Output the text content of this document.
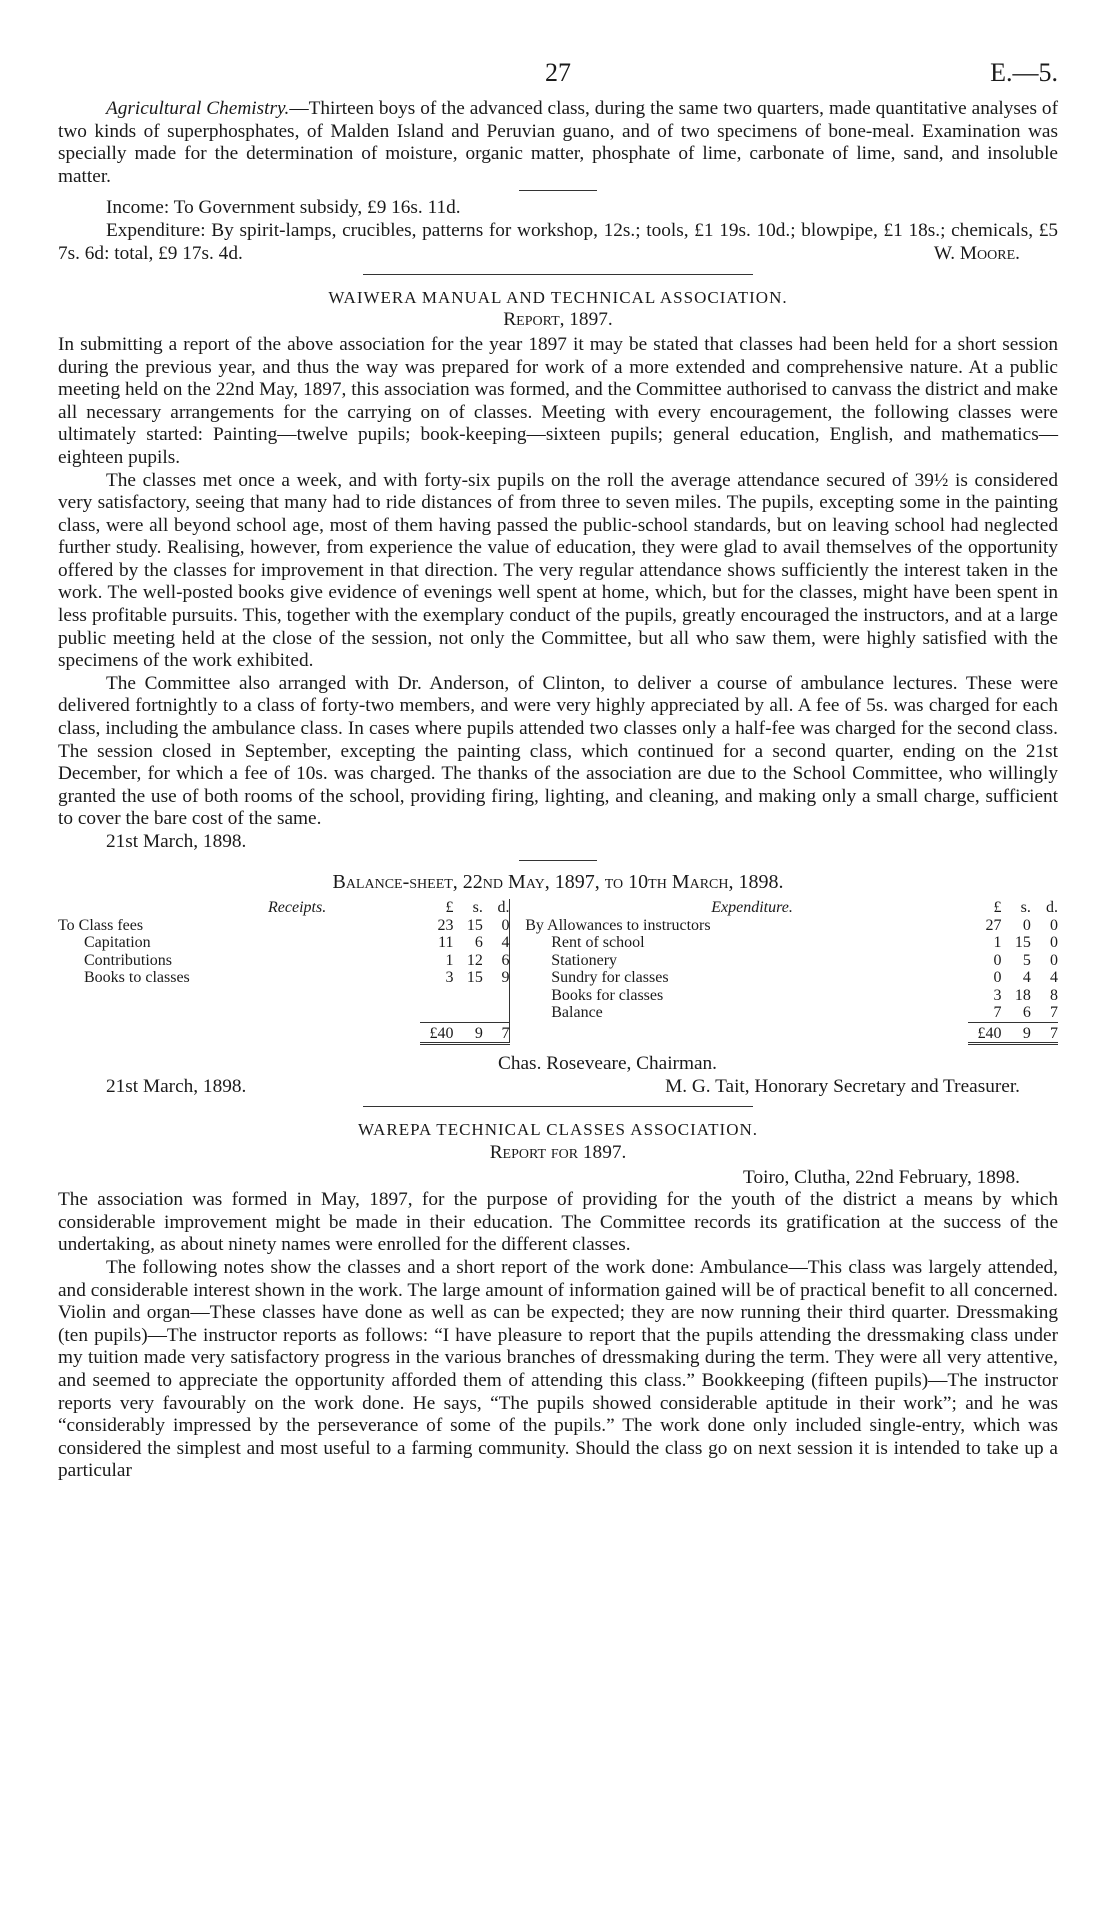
27	E.—5.

Agricultural Chemistry.—Thirteen boys of the advanced class, during the same two quarters, made quantitative analyses of two kinds of superphosphates, of Malden Island and Peruvian guano, and of two specimens of bone-meal. Examination was specially made for the determination of moisture, organic matter, phosphate of lime, carbonate of lime, sand, and insoluble matter.

Income: To Government subsidy, £9 16s. 11d.

Expenditure: By spirit-lamps, crucibles, patterns for workshop, 12s.; tools, £1 19s. 10d.; blowpipe, £1 18s.; chemicals, £5 7s. 6d: total, £9 17s. 4d.	W. Moore.
WAIWERA MANUAL AND TECHNICAL ASSOCIATION.
Report, 1897.

In submitting a report of the above association for the year 1897 it may be stated that classes had been held for a short session during the previous year, and thus the way was prepared for work of a more extended and comprehensive nature. At a public meeting held on the 22nd May, 1897, this association was formed, and the Committee authorised to canvass the district and make all necessary arrangements for the carrying on of classes. Meeting with every encouragement, the following classes were ultimately started: Painting—twelve pupils; book-keeping—sixteen pupils; general education, English, and mathematics—eighteen pupils.

The classes met once a week, and with forty-six pupils on the roll the average attendance secured of 39½ is considered very satisfactory, seeing that many had to ride distances of from three to seven miles. The pupils, excepting some in the painting class, were all beyond school age, most of them having passed the public-school standards, but on leaving school had neglected further study. Realising, however, from experience the value of education, they were glad to avail themselves of the opportunity offered by the classes for improvement in that direction. The very regular attendance shows sufficiently the interest taken in the work. The well-posted books give evidence of evenings well spent at home, which, but for the classes, might have been spent in less profitable pursuits. This, together with the exemplary conduct of the pupils, greatly encouraged the instructors, and at a large public meeting held at the close of the session, not only the Committee, but all who saw them, were highly satisfied with the specimens of the work exhibited.

The Committee also arranged with Dr. Anderson, of Clinton, to deliver a course of ambulance lectures. These were delivered fortnightly to a class of forty-two members, and were very highly appreciated by all. A fee of 5s. was charged for each class, including the ambulance class. In cases where pupils attended two classes only a half-fee was charged for the second class. The session closed in September, excepting the painting class, which continued for a second quarter, ending on the 21st December, for which a fee of 10s. was charged. The thanks of the association are due to the School Committee, who willingly granted the use of both rooms of the school, providing firing, lighting, and cleaning, and making only a small charge, sufficient to cover the bare cost of the same.

21st March, 1898.
Balance-sheet, 22nd May, 1897, to 10th March, 1898.
Receipts.	£	s.	d.		Expenditure.	£	s.	d.
To Class fees	23	15	0		By Allowances to instructors	27	0	0
Capitation	11	6	4		Rent of school	1	15	0
Contributions	1	12	6		Stationery	0	5	0
Books to classes	3	15	9		Sundry for classes	0	4	4
					Books for classes	3	18	8
					Balance	7	6	7
	£40	9	7			£40	9	7
Chas. Roseveare, Chairman.
21st March, 1898.	M. G. Tait, Honorary Secretary and Treasurer.
WAREPA TECHNICAL CLASSES ASSOCIATION.
Report for 1897.
Toiro, Clutha, 22nd February, 1898.

The association was formed in May, 1897, for the purpose of providing for the youth of the district a means by which considerable improvement might be made in their education. The Committee records its gratification at the success of the undertaking, as about ninety names were enrolled for the different classes.

The following notes show the classes and a short report of the work done: Ambulance—This class was largely attended, and considerable interest shown in the work. The large amount of information gained will be of practical benefit to all concerned. Violin and organ—These classes have done as well as can be expected; they are now running their third quarter. Dressmaking (ten pupils)—The instructor reports as follows: “I have pleasure to report that the pupils attending the dressmaking class under my tuition made very satisfactory progress in the various branches of dressmaking during the term. They were all very attentive, and seemed to appreciate the opportunity afforded them of attending this class.” Bookkeeping (fifteen pupils)—The instructor reports very favourably on the work done. He says, “The pupils showed considerable aptitude in their work”; and he was “considerably impressed by the perseverance of some of the pupils.” The work done only included single-entry, which was considered the simplest and most useful to a farming community. Should the class go on next session it is intended to take up a particular
